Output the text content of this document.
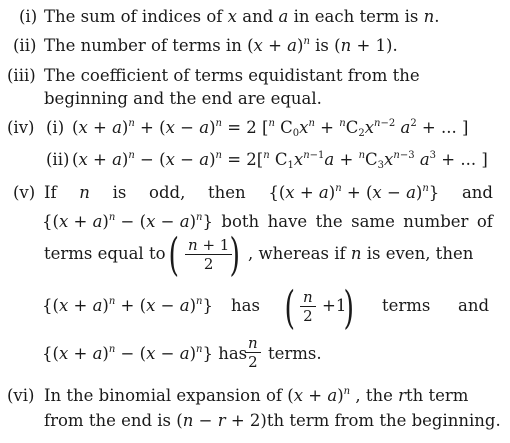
(i) The sum of indices of x and a in each term is n.
(ii) The number of terms in $(x + a)^n$ is (n + 1).
(iii) The coefficient of terms equidistant from the
beginning and the end are equal.
(iv) (i) $(x + a)^n + (x - a)^n = 2$ [$^n$ $C_0x^n + ^nC_2x^{n-2}$ $a^2$ + ... ]
(ii) $(x + a)^n - (x - a)^n = 2[^n$ $C_1x^{n-1}a + ^nC_3x^{n-3}$ $a^3$ + ... ]
(v) If n is odd, then $\{(x + a)^n + (x - a)^n\}$ and
$\{(x + a)^n - (x - a)^n\}$ both have the same number of
terms equal to ( $\frac{n + 1}{2}$
) , whereas if n is even, then
$\{(x + a)^n + (x - a)^n\}$ has ( $\frac{n}{2} +1$
) terms and
$\{(x + a)^n - (x - a)^n\}$ has
$\frac{n}{2}$ terms.
(vi) In the binomial expansion of $(x + a)^n$ , the rth term
from the end is (n − r + 2)th term from the beginning.
